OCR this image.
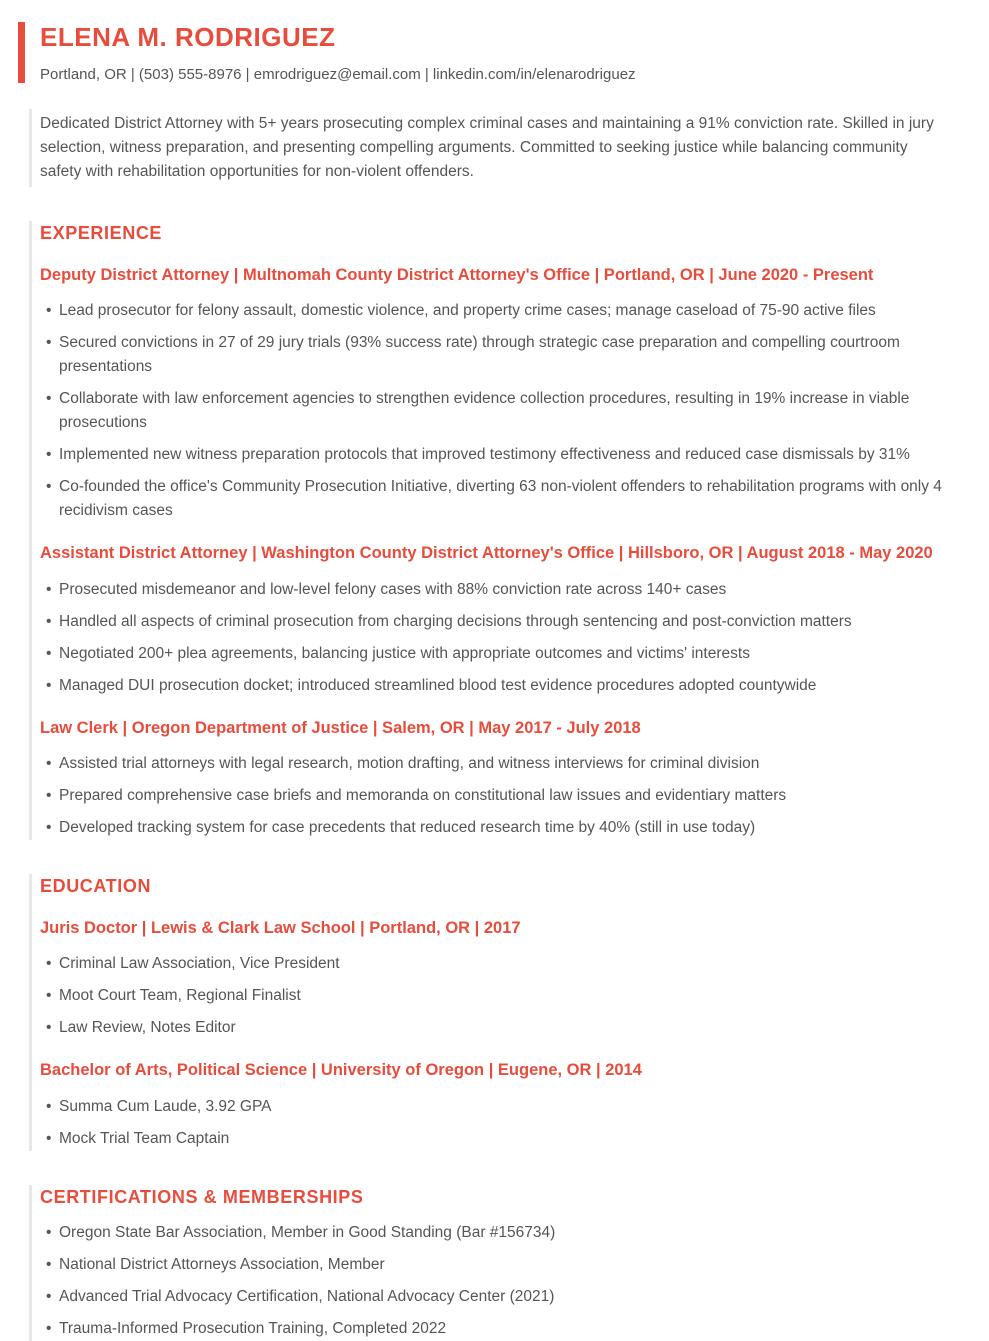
ELENA M. RODRIGUEZ
Portland, OR | (503) 555-8976 | emrodriguez@email.com | linkedin.com/in/elenarodriguez

Dedicated District Attorney with 5+ years prosecuting complex criminal cases and maintaining a 91% conviction rate. Skilled in jury selection, witness preparation, and presenting compelling arguments. Committed to seeking justice while balancing community safety with rehabilitation opportunities for non-violent offenders.

EXPERIENCE
Deputy District Attorney | Multnomah County District Attorney's Office | Portland, OR | June 2020 - Present
• Lead prosecutor for felony assault, domestic violence, and property crime cases; manage caseload of 75-90 active files
• Secured convictions in 27 of 29 jury trials (93% success rate) through strategic case preparation and compelling courtroom presentations
• Collaborate with law enforcement agencies to strengthen evidence collection procedures, resulting in 19% increase in viable prosecutions
• Implemented new witness preparation protocols that improved testimony effectiveness and reduced case dismissals by 31%
• Co-founded the office's Community Prosecution Initiative, diverting 63 non-violent offenders to rehabilitation programs with only 4 recidivism cases
Assistant District Attorney | Washington County District Attorney's Office | Hillsboro, OR | August 2018 - May 2020
• Prosecuted misdemeanor and low-level felony cases with 88% conviction rate across 140+ cases
• Handled all aspects of criminal prosecution from charging decisions through sentencing and post-conviction matters
• Negotiated 200+ plea agreements, balancing justice with appropriate outcomes and victims' interests
• Managed DUI prosecution docket; introduced streamlined blood test evidence procedures adopted countywide
Law Clerk | Oregon Department of Justice | Salem, OR | May 2017 - July 2018
• Assisted trial attorneys with legal research, motion drafting, and witness interviews for criminal division
• Prepared comprehensive case briefs and memoranda on constitutional law issues and evidentiary matters
• Developed tracking system for case precedents that reduced research time by 40% (still in use today)
EDUCATION
Juris Doctor | Lewis & Clark Law School | Portland, OR | 2017
• Criminal Law Association, Vice President
• Moot Court Team, Regional Finalist
• Law Review, Notes Editor
Bachelor of Arts, Political Science | University of Oregon | Eugene, OR | 2014
• Summa Cum Laude, 3.92 GPA
• Mock Trial Team Captain
CERTIFICATIONS & MEMBERSHIPS
• Oregon State Bar Association, Member in Good Standing (Bar #156734)
• National District Attorneys Association, Member
• Advanced Trial Advocacy Certification, National Advocacy Center (2021)
• Trauma-Informed Prosecution Training, Completed 2022
